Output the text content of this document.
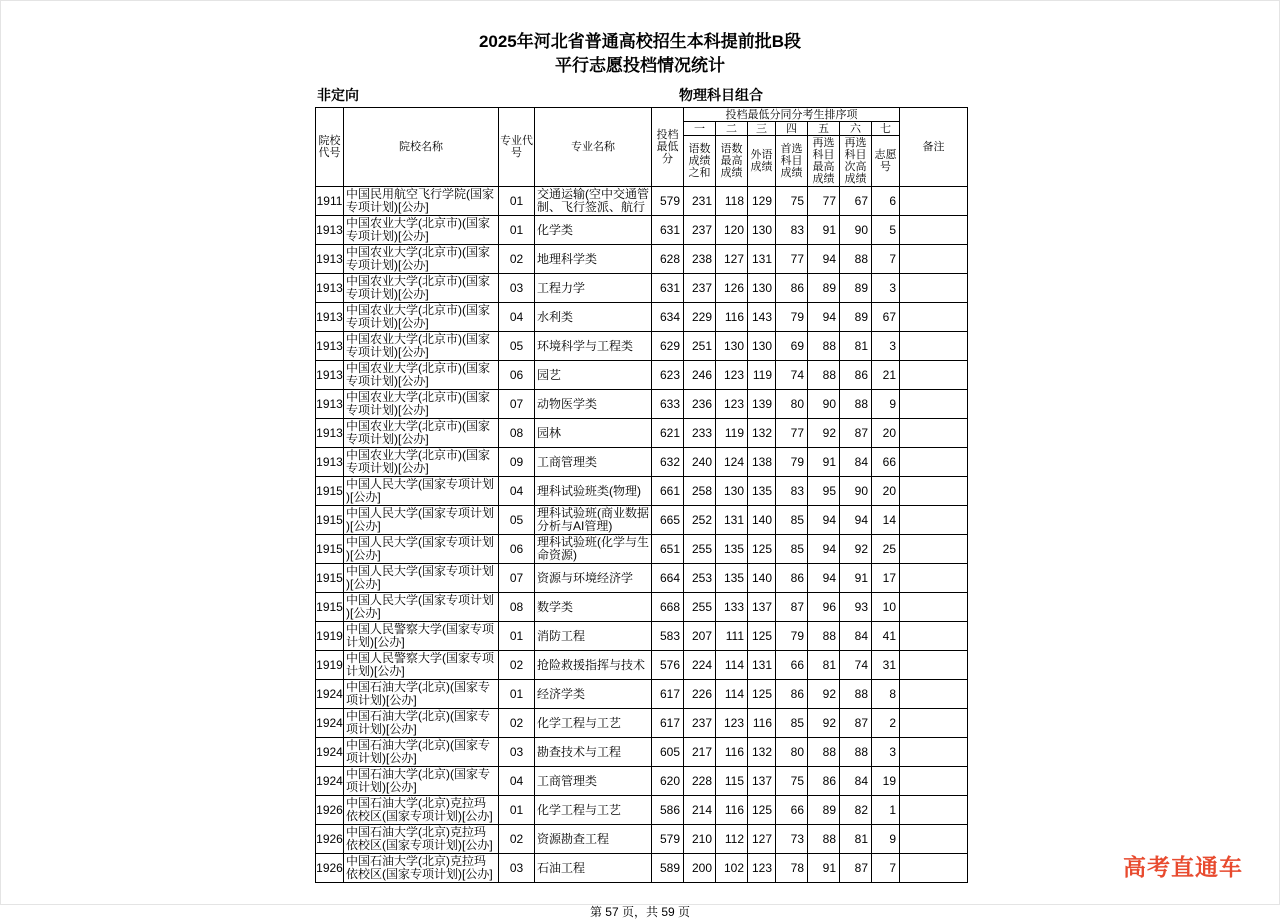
2025年河北省普通高校招生本科提前批B段
平行志愿投档情况统计
非定向	物理科目组合
院校代号	院校名称	专业代号	专业名称	投档最低分	投档最低分同分考生排序项							备注
					一	二	三	四	五	六	七	
					语数成绩之和	语数最高成绩	外语成绩	首选科目成绩	再选科目最高成绩	再选科目次高成绩	志愿号	
1911	中国民用航空飞行学院(国家专项计划)[公办]	01	交通运输(空中交通管制、飞行签派、航行	579	231	118	129	75	77	67	6	
1913	中国农业大学(北京市)(国家专项计划)[公办]	01	化学类	631	237	120	130	83	91	90	5	
1913	中国农业大学(北京市)(国家专项计划)[公办]	02	地理科学类	628	238	127	131	77	94	88	7	
1913	中国农业大学(北京市)(国家专项计划)[公办]	03	工程力学	631	237	126	130	86	89	89	3	
1913	中国农业大学(北京市)(国家专项计划)[公办]	04	水利类	634	229	116	143	79	94	89	67	
1913	中国农业大学(北京市)(国家专项计划)[公办]	05	环境科学与工程类	629	251	130	130	69	88	81	3	
1913	中国农业大学(北京市)(国家专项计划)[公办]	06	园艺	623	246	123	119	74	88	86	21	
1913	中国农业大学(北京市)(国家专项计划)[公办]	07	动物医学类	633	236	123	139	80	90	88	9	
1913	中国农业大学(北京市)(国家专项计划)[公办]	08	园林	621	233	119	132	77	92	87	20	
1913	中国农业大学(北京市)(国家专项计划)[公办]	09	工商管理类	632	240	124	138	79	91	84	66	
1915	中国人民大学(国家专项计划)[公办]	04	理科试验班类(物理)	661	258	130	135	83	95	90	20	
1915	中国人民大学(国家专项计划)[公办]	05	理科试验班(商业数据分析与AI管理)	665	252	131	140	85	94	94	14	
1915	中国人民大学(国家专项计划)[公办]	06	理科试验班(化学与生命资源)	651	255	135	125	85	94	92	25	
1915	中国人民大学(国家专项计划)[公办]	07	资源与环境经济学	664	253	135	140	86	94	91	17	
1915	中国人民大学(国家专项计划)[公办]	08	数学类	668	255	133	137	87	96	93	10	
1919	中国人民警察大学(国家专项计划)[公办]	01	消防工程	583	207	111	125	79	88	84	41	
1919	中国人民警察大学(国家专项计划)[公办]	02	抢险救援指挥与技术	576	224	114	131	66	81	74	31	
1924	中国石油大学(北京)(国家专项计划)[公办]	01	经济学类	617	226	114	125	86	92	88	8	
1924	中国石油大学(北京)(国家专项计划)[公办]	02	化学工程与工艺	617	237	123	116	85	92	87	2	
1924	中国石油大学(北京)(国家专项计划)[公办]	03	勘查技术与工程	605	217	116	132	80	88	88	3	
1924	中国石油大学(北京)(国家专项计划)[公办]	04	工商管理类	620	228	115	137	75	86	84	19	
1926	中国石油大学(北京)克拉玛依校区(国家专项计划)[公办]	01	化学工程与工艺	586	214	116	125	66	89	82	1	
1926	中国石油大学(北京)克拉玛依校区(国家专项计划)[公办]	02	资源勘查工程	579	210	112	127	73	88	81	9	
1926	中国石油大学(北京)克拉玛依校区(国家专项计划)[公办]	03	石油工程	589	200	102	123	78	91	87	7	
第 57 页，共 59 页
高考直通车
